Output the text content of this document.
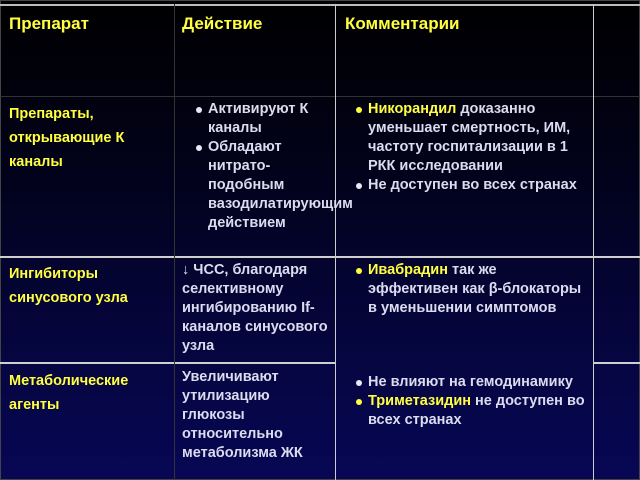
Препарат	Действие	Комментарии
Препараты, открывающие К каналы
Активируют К каналы
Обладают нитрато-подобным вазодилатирующим действием
Никорандил доказанно уменьшает смертность, ИМ, частоту госпитализации в 1 РКК исследовании
Не доступен во всех странах
Ингибиторы синусового узла
↓ ЧСС, благодаря селективному ингибированию If-каналов синусового узла
Ивабрадин так же эффективен как β-блокаторы в уменьшении симптомов
Метаболические агенты
Увеличивают утилизацию глюкозы относительно метаболизма ЖК
Не влияют на гемодинамику
Триметазидин не доступен во всех странах
